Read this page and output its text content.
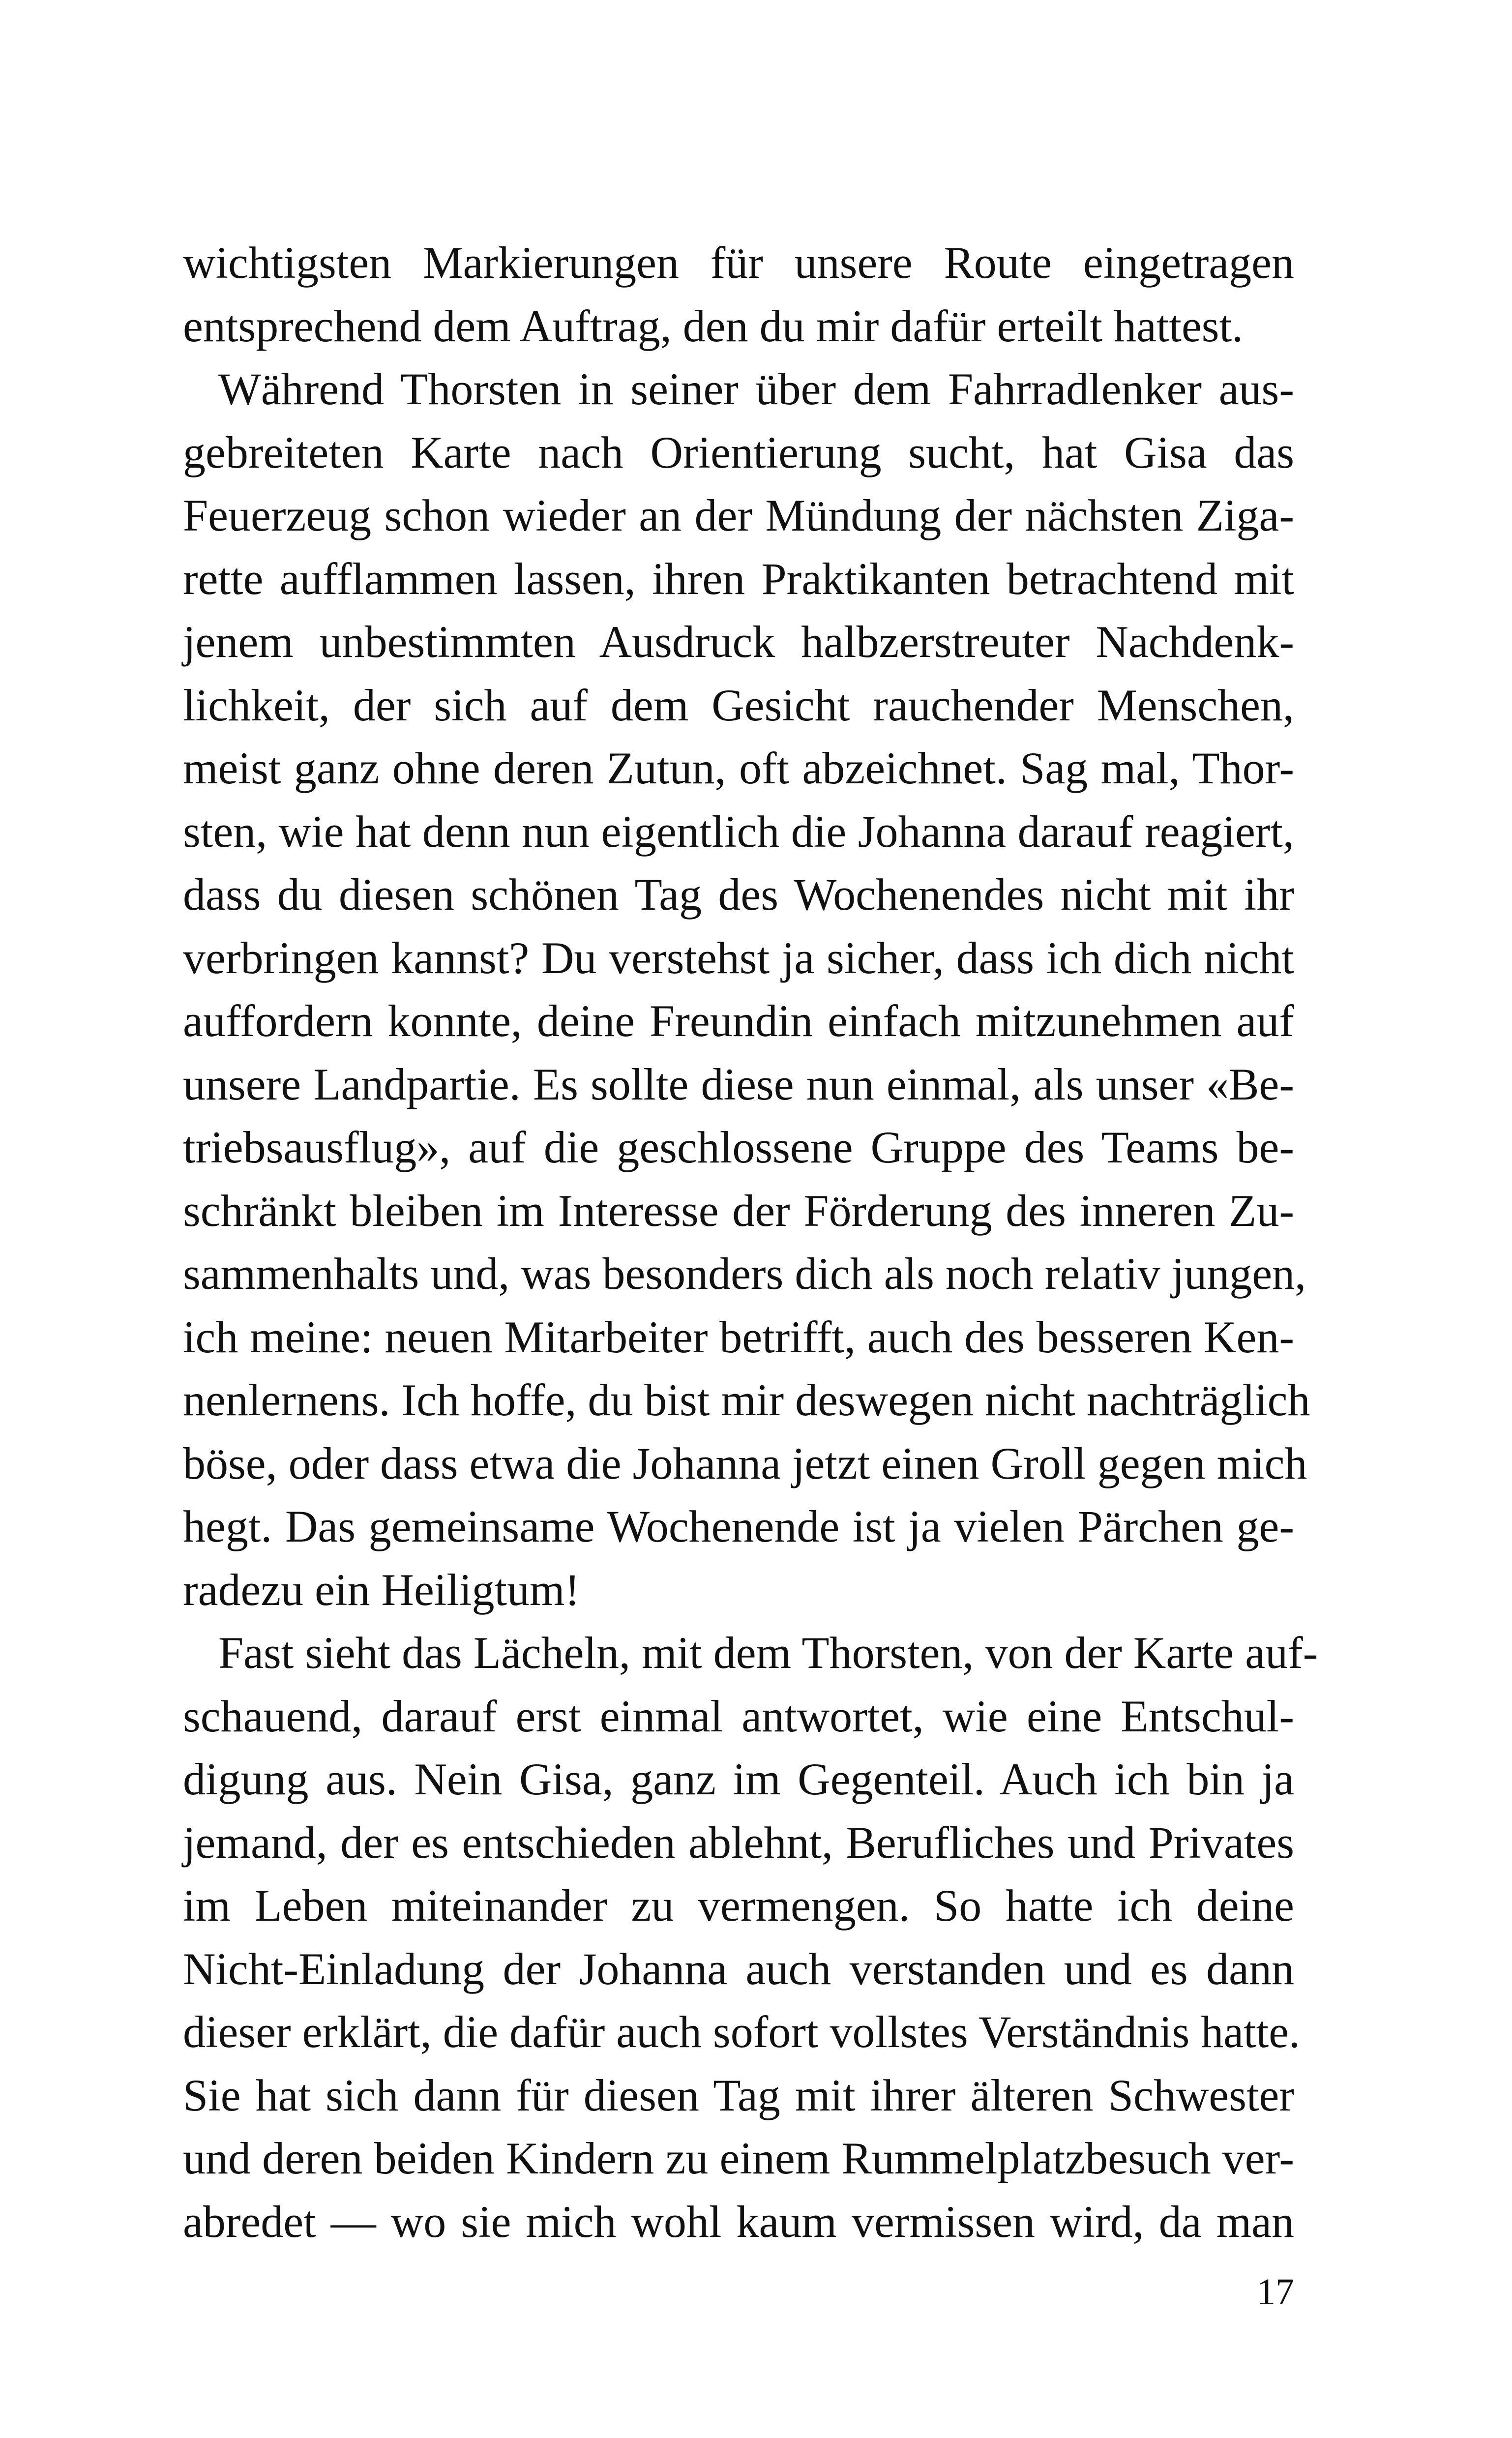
wichtigsten Markierungen für unsere Route eingetragen
entsprechend dem Auftrag, den du mir dafür erteilt hattest.
Während Thorsten in seiner über dem Fahrradlenker aus-
gebreiteten Karte nach Orientierung sucht, hat Gisa das
Feuerzeug schon wieder an der Mündung der nächsten Ziga-
rette aufflammen lassen, ihren Praktikanten betrachtend mit
jenem unbestimmten Ausdruck halbzerstreuter Nachdenk-
lichkeit, der sich auf dem Gesicht rauchender Menschen,
meist ganz ohne deren Zutun, oft abzeichnet. Sag mal, Thor-
sten, wie hat denn nun eigentlich die Johanna darauf reagiert,
dass du diesen schönen Tag des Wochenendes nicht mit ihr
verbringen kannst? Du verstehst ja sicher, dass ich dich nicht
auffordern konnte, deine Freundin einfach mitzunehmen auf
unsere Landpartie. Es sollte diese nun einmal, als unser «Be-
triebsausflug», auf die geschlossene Gruppe des Teams be-
schränkt bleiben im Interesse der Förderung des inneren Zu-
sammenhalts und, was besonders dich als noch relativ jungen,
ich meine: neuen Mitarbeiter betrifft, auch des besseren Ken-
nenlernens. Ich hoffe, du bist mir deswegen nicht nachträglich
böse, oder dass etwa die Johanna jetzt einen Groll gegen mich
hegt. Das gemeinsame Wochenende ist ja vielen Pärchen ge-
radezu ein Heiligtum!
Fast sieht das Lächeln, mit dem Thorsten, von der Karte auf-
schauend, darauf erst einmal antwortet, wie eine Entschul-
digung aus. Nein Gisa, ganz im Gegenteil. Auch ich bin ja
jemand, der es entschieden ablehnt, Berufliches und Privates
im Leben miteinander zu vermengen. So hatte ich deine
Nicht-Einladung der Johanna auch verstanden und es dann
dieser erklärt, die dafür auch sofort vollstes Verständnis hatte.
Sie hat sich dann für diesen Tag mit ihrer älteren Schwester
und deren beiden Kindern zu einem Rummelplatzbesuch ver-
abredet — wo sie mich wohl kaum vermissen wird, da man
17
